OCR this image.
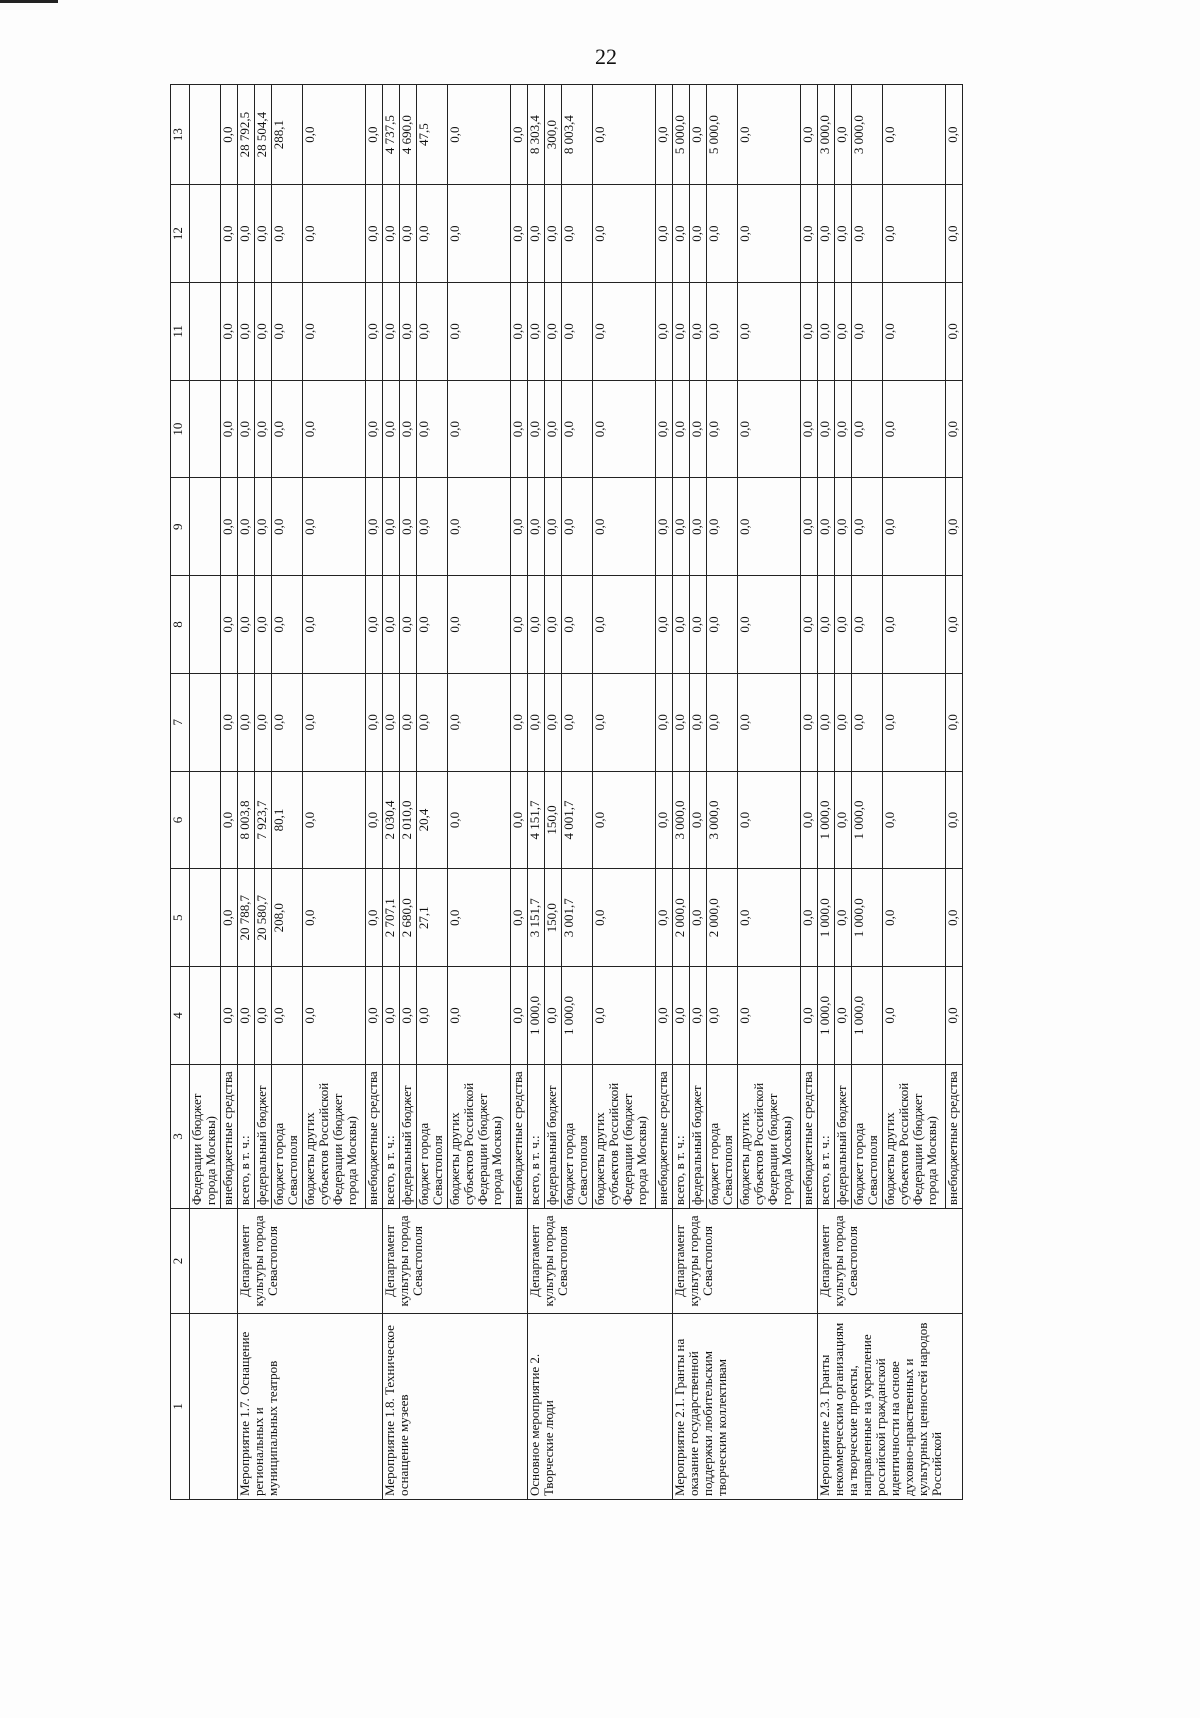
22
1	2	3	4	5	6	7	8	9	10	11	12	13
		Федерации (бюджет города Москвы)										
		внебюджетные средства	0,0	0,0	0,0	0,0	0,0	0,0	0,0	0,0	0,0	0,0
Мероприятие 1.7. Оснащение региональных и муниципальных театров	Департамент культуры города Севастополя	всего, в т. ч.:	0,0	20 788,7	8 003,8	0,0	0,0	0,0	0,0	0,0	0,0	28 792,5
		федеральный бюджет	0,0	20 580,7	7 923,7	0,0	0,0	0,0	0,0	0,0	0,0	28 504,4
		бюджет города Севастополя	0,0	208,0	80,1	0,0	0,0	0,0	0,0	0,0	0,0	288,1
		бюджеты других субъектов Российской Федерации (бюджет города Москвы)	0,0	0,0	0,0	0,0	0,0	0,0	0,0	0,0	0,0	0,0
		внебюджетные средства	0,0	0,0	0,0	0,0	0,0	0,0	0,0	0,0	0,0	0,0
Мероприятие 1.8. Техническое оснащение музеев	Департамент культуры города Севастополя	всего, в т. ч.:	0,0	2 707,1	2 030,4	0,0	0,0	0,0	0,0	0,0	0,0	4 737,5
		федеральный бюджет	0,0	2 680,0	2 010,0	0,0	0,0	0,0	0,0	0,0	0,0	4 690,0
		бюджет города Севастополя	0,0	27,1	20,4	0,0	0,0	0,0	0,0	0,0	0,0	47,5
		бюджеты других субъектов Российской Федерации (бюджет города Москвы)	0,0	0,0	0,0	0,0	0,0	0,0	0,0	0,0	0,0	0,0
		внебюджетные средства	0,0	0,0	0,0	0,0	0,0	0,0	0,0	0,0	0,0	0,0
Основное мероприятие 2. Творческие люди	Департамент культуры города Севастополя	всего, в т. ч.:	1 000,0	3 151,7	4 151,7	0,0	0,0	0,0	0,0	0,0	0,0	8 303,4
		федеральный бюджет	0,0	150,0	150,0	0,0	0,0	0,0	0,0	0,0	0,0	300,0
		бюджет города Севастополя	1 000,0	3 001,7	4 001,7	0,0	0,0	0,0	0,0	0,0	0,0	8 003,4
		бюджеты других субъектов Российской Федерации (бюджет города Москвы)	0,0	0,0	0,0	0,0	0,0	0,0	0,0	0,0	0,0	0,0
		внебюджетные средства	0,0	0,0	0,0	0,0	0,0	0,0	0,0	0,0	0,0	0,0
Мероприятие 2.1. Гранты на оказание государственной поддержки любительским творческим коллективам	Департамент культуры города Севастополя	всего, в т. ч.:	0,0	2 000,0	3 000,0	0,0	0,0	0,0	0,0	0,0	0,0	5 000,0
		федеральный бюджет	0,0	0,0	0,0	0,0	0,0	0,0	0,0	0,0	0,0	0,0
		бюджет города Севастополя	0,0	2 000,0	3 000,0	0,0	0,0	0,0	0,0	0,0	0,0	5 000,0
		бюджеты других субъектов Российской Федерации (бюджет города Москвы)	0,0	0,0	0,0	0,0	0,0	0,0	0,0	0,0	0,0	0,0
		внебюджетные средства	0,0	0,0	0,0	0,0	0,0	0,0	0,0	0,0	0,0	0,0
Мероприятие 2.3. Гранты некоммерческим организациям на творческие проекты, направленные на укрепление российской гражданской идентичности на основе духовно-нравственных и культурных ценностей народов Российской	Департамент культуры города Севастополя	всего, в т. ч.:	1 000,0	1 000,0	1 000,0	0,0	0,0	0,0	0,0	0,0	0,0	3 000,0
		федеральный бюджет	0,0	0,0	0,0	0,0	0,0	0,0	0,0	0,0	0,0	0,0
		бюджет города Севастополя	1 000,0	1 000,0	1 000,0	0,0	0,0	0,0	0,0	0,0	0,0	3 000,0
		бюджеты других субъектов Российской Федерации (бюджет города Москвы)	0,0	0,0	0,0	0,0	0,0	0,0	0,0	0,0	0,0	0,0
		внебюджетные средства	0,0	0,0	0,0	0,0	0,0	0,0	0,0	0,0	0,0	0,0
